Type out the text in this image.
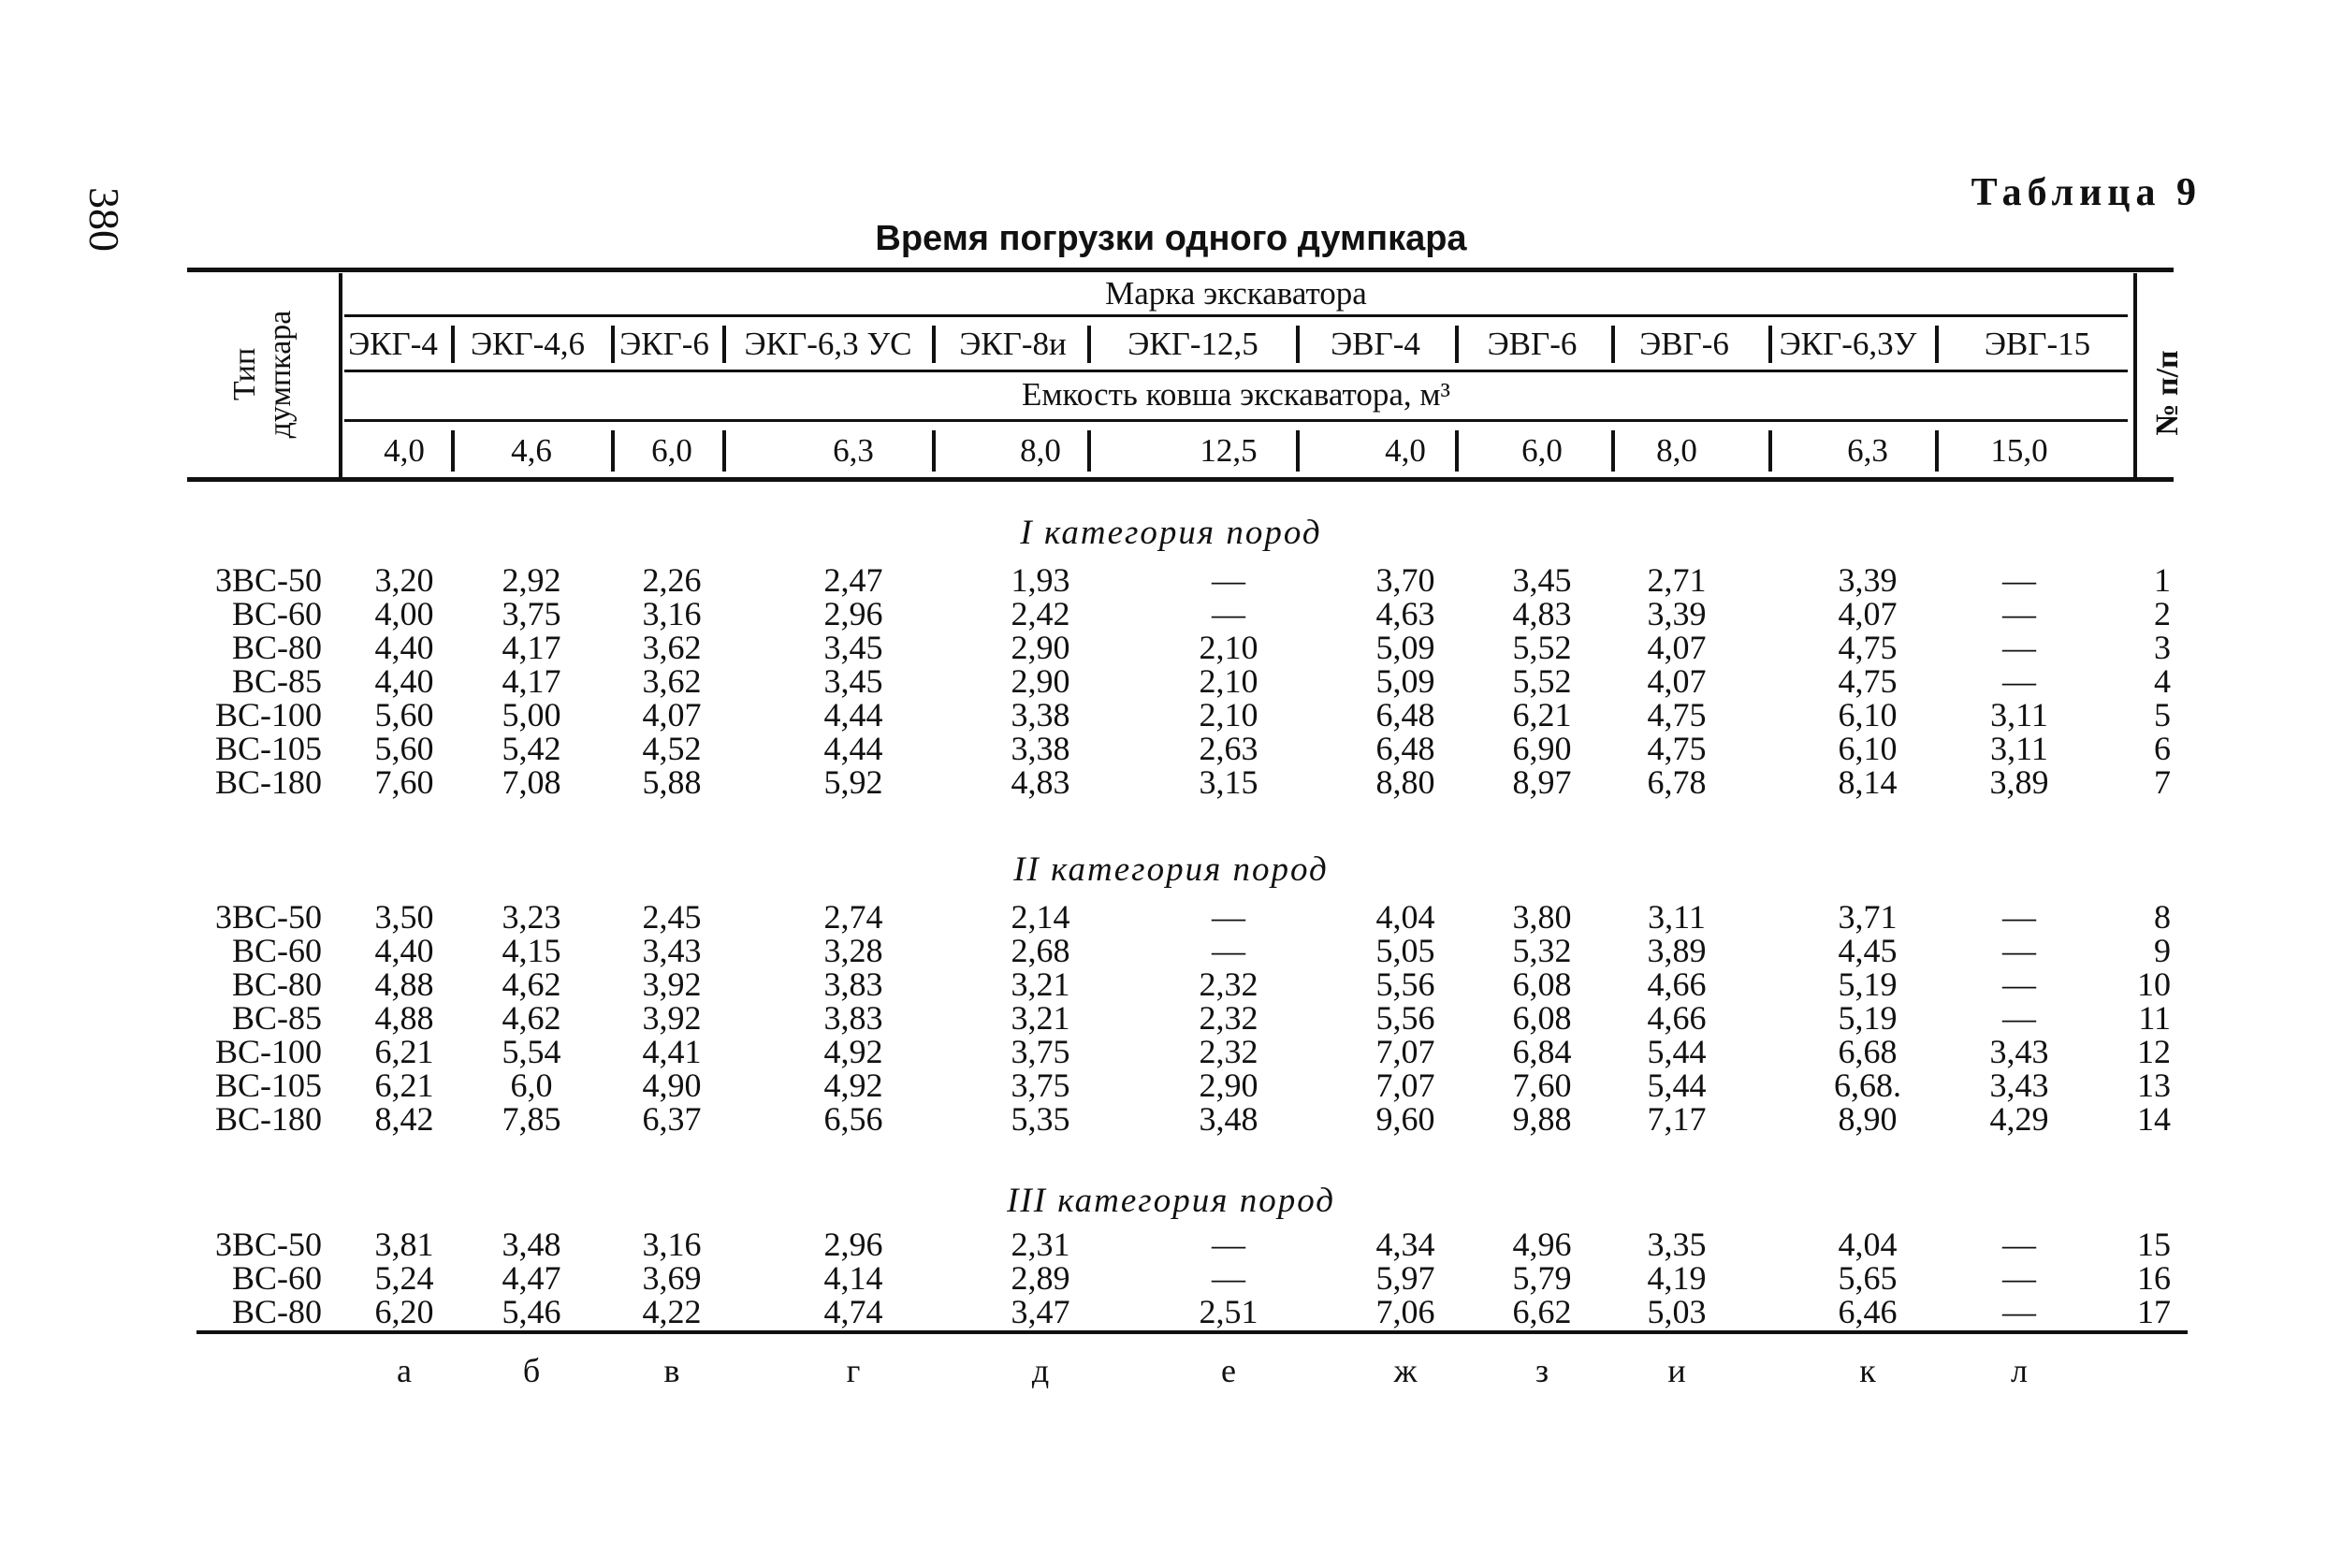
380	Таблица 9
Время погрузки одного думпкара
Тип думпкара	№ п/п
Марка экскаватора
Емкость ковша экскаватора, м³
ЭКГ-4	ЭКГ-4,6	ЭКГ-6	ЭКГ-6,3 УС	ЭКГ-8и	ЭКГ-12,5	ЭВГ-4	ЭВГ-6	ЭВГ-6	ЭКГ-6,3У	ЭВГ-15
4,0	4,6	6,0	6,3	8,0	12,5	4,0	6,0	8,0	6,3	15,0
I категория пород
3ВС-50	3,20	2,92	2,26	2,47	1,93	—	3,70	3,45	2,71	3,39	—	1
ВС-60	4,00	3,75	3,16	2,96	2,42	—	4,63	4,83	3,39	4,07	—	2
ВС-80	4,40	4,17	3,62	3,45	2,90	2,10	5,09	5,52	4,07	4,75	—	3
ВС-85	4,40	4,17	3,62	3,45	2,90	2,10	5,09	5,52	4,07	4,75	—	4
ВС-100	5,60	5,00	4,07	4,44	3,38	2,10	6,48	6,21	4,75	6,10	3,11	5
ВС-105	5,60	5,42	4,52	4,44	3,38	2,63	6,48	6,90	4,75	6,10	3,11	6
ВС-180	7,60	7,08	5,88	5,92	4,83	3,15	8,80	8,97	6,78	8,14	3,89	7
II категория пород
3ВС-50	3,50	3,23	2,45	2,74	2,14	—	4,04	3,80	3,11	3,71	—	8
ВС-60	4,40	4,15	3,43	3,28	2,68	—	5,05	5,32	3,89	4,45	—	9
ВС-80	4,88	4,62	3,92	3,83	3,21	2,32	5,56	6,08	4,66	5,19	—	10
ВС-85	4,88	4,62	3,92	3,83	3,21	2,32	5,56	6,08	4,66	5,19	—	11
ВС-100	6,21	5,54	4,41	4,92	3,75	2,32	7,07	6,84	5,44	6,68	3,43	12
ВС-105	6,21	6,0	4,90	4,92	3,75	2,90	7,07	7,60	5,44	6,68.	3,43	13
ВС-180	8,42	7,85	6,37	6,56	5,35	3,48	9,60	9,88	7,17	8,90	4,29	14
III категория пород
3ВС-50	3,81	3,48	3,16	2,96	2,31	—	4,34	4,96	3,35	4,04	—	15
ВС-60	5,24	4,47	3,69	4,14	2,89	—	5,97	5,79	4,19	5,65	—	16
ВС-80	6,20	5,46	4,22	4,74	3,47	2,51	7,06	6,62	5,03	6,46	—	17
а	б	в	г	д	е	ж	з	и	к	л
